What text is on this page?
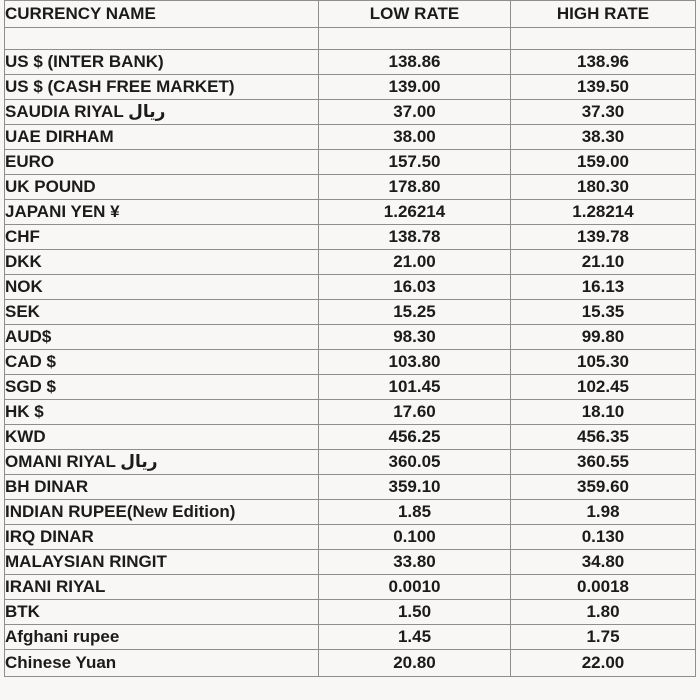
CURRENCY NAME	LOW RATE	HIGH RATE

US $ (INTER BANK)	138.86	138.96
US $ (CASH FREE MARKET)	139.00	139.50
SAUDIA RIYAL ریال	37.00	37.30
UAE DIRHAM	38.00	38.30
EURO	157.50	159.00
UK POUND	178.80	180.30
JAPANI YEN ¥	1.26214	1.28214
CHF	138.78	139.78
DKK	21.00	21.10
NOK	16.03	16.13
SEK	15.25	15.35
AUD$	98.30	99.80
CAD $	103.80	105.30
SGD $	101.45	102.45
HK $	17.60	18.10
KWD	456.25	456.35
OMANI RIYAL ریال	360.05	360.55
BH DINAR	359.10	359.60
INDIAN RUPEE(New Edition)	1.85	1.98
IRQ DINAR	0.100	0.130
MALAYSIAN RINGIT	33.80	34.80
IRANI RIYAL	0.0010	0.0018
BTK	1.50	1.80
Afghani rupee	1.45	1.75
Chinese Yuan	20.80	22.00
